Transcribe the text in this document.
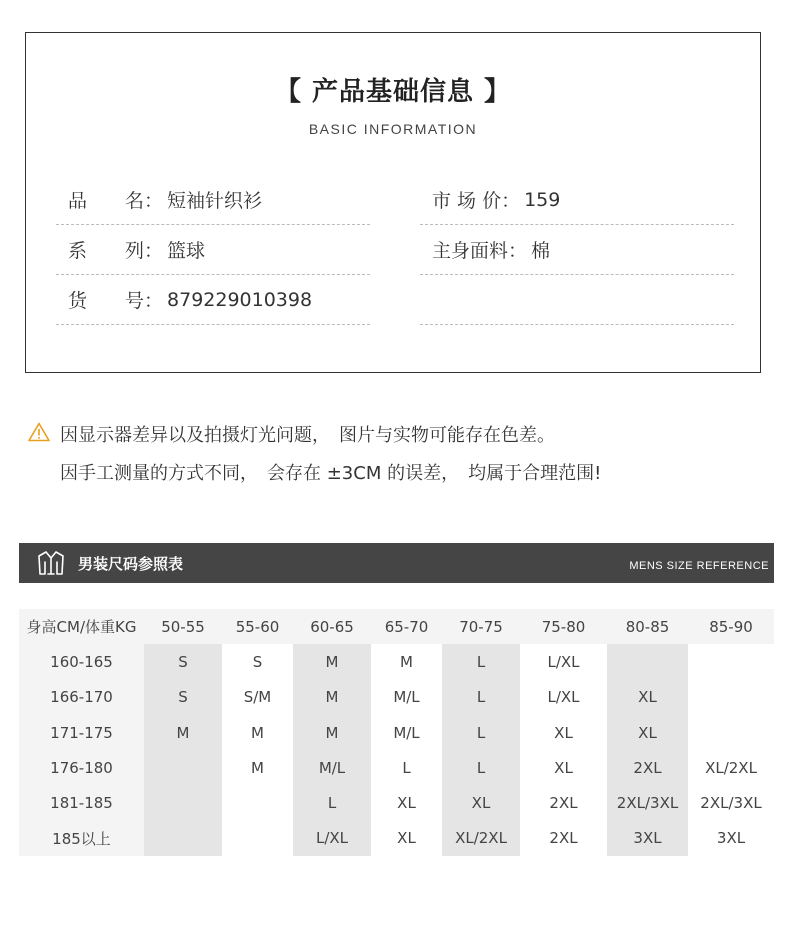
【 产品基础信息 】
BASIC INFORMATION
品　　名： 短袖针织衫
系　　列： 篮球
货　　号： 879229010398
市 场 价： 159
主身面料： 棉
因显示器差异以及拍摄灯光问题，　图片与实物可能存在色差。
因手工测量的方式不同，　会存在 ±3CM 的误差，　均属于合理范围!
男装尺码参照表	MENS SIZE REFERENCE
身高CM/体重KG	50-55	55-60	60-65	65-70	70-75	75-80	80-85	85-90
160-165	S	S	M	M	L	L/XL		
166-170	S	S/M	M	M/L	L	L/XL	XL	
171-175	M	M	M	M/L	L	XL	XL	
176-180		M	M/L	L	L	XL	2XL	XL/2XL
181-185			L	XL	XL	2XL	2XL/3XL	2XL/3XL
185以上			L/XL	XL	XL/2XL	2XL	3XL	3XL
